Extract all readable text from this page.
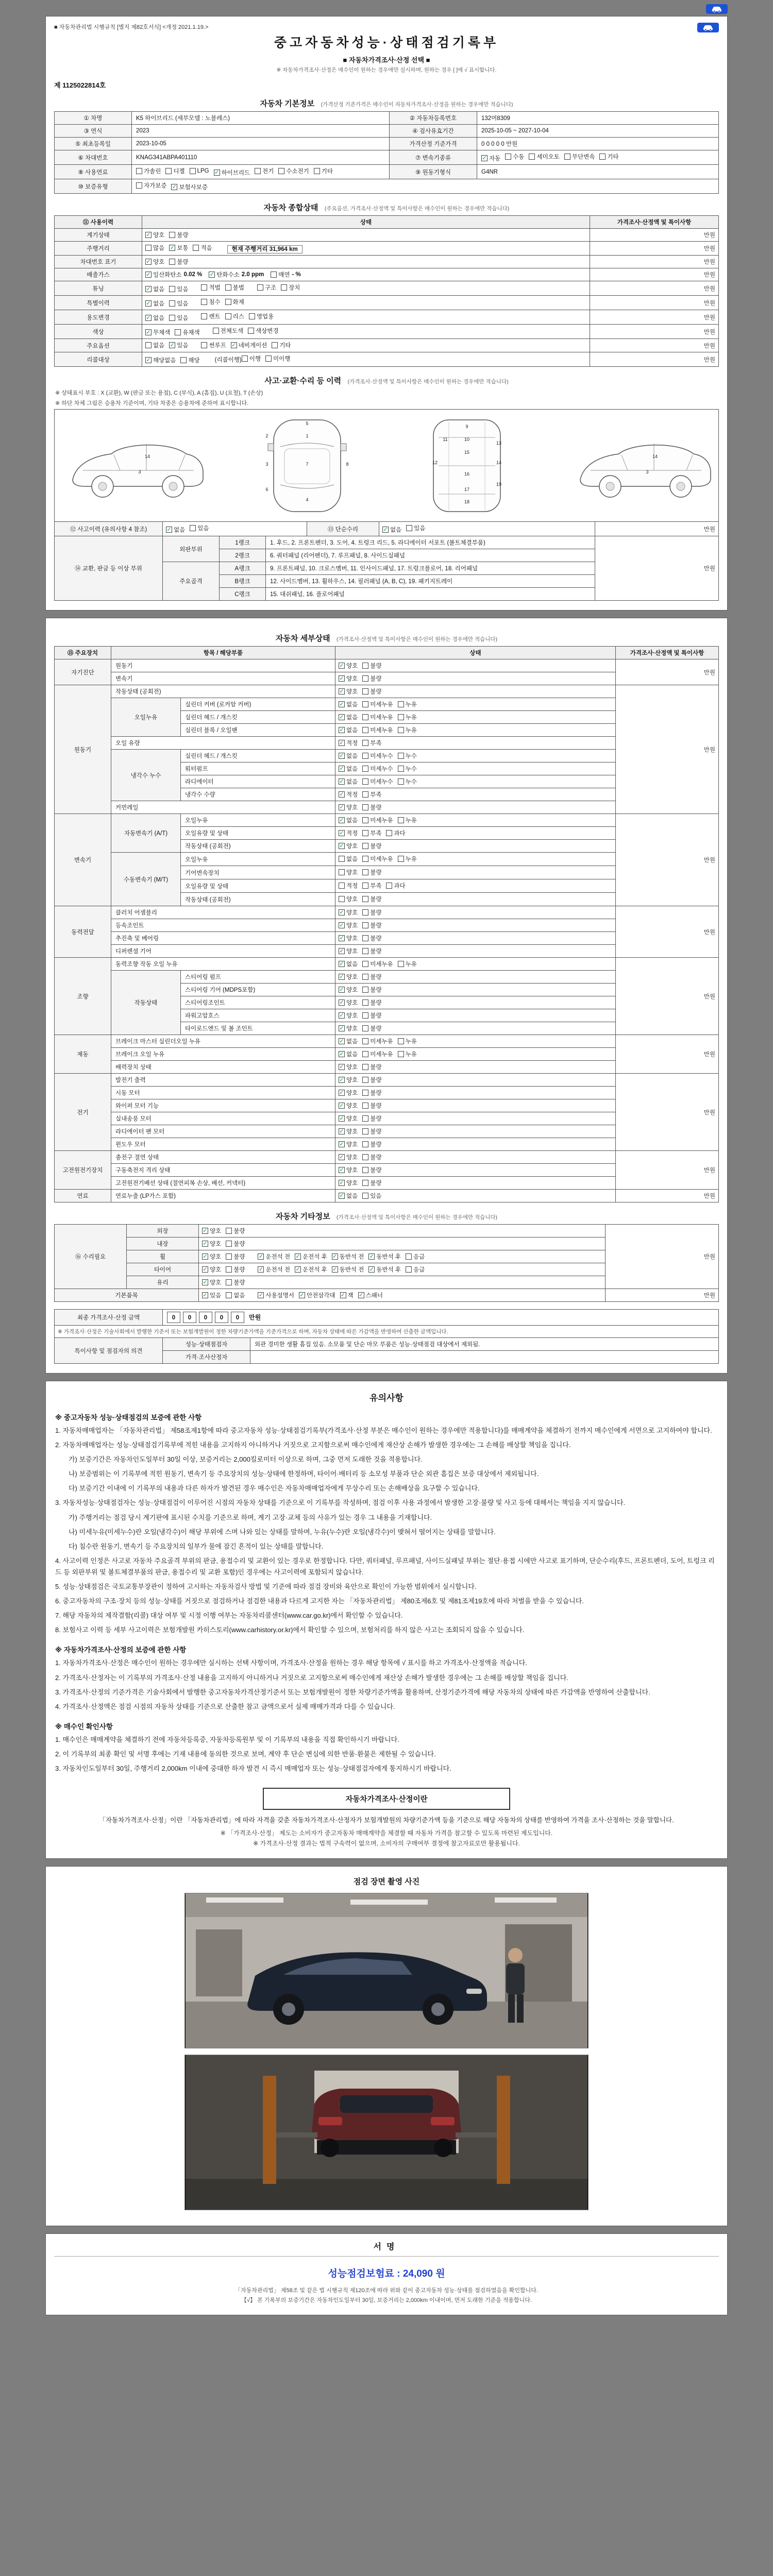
■ 자동차관리법 시행규칙 [별지 제82호서식] <개정 2021.1.19.>
중고자동차성능·상태점검기록부
■ 자동차가격조사·산정 선택 ■
※ 자동차가격조사·산정은 매수인이 원하는 경우에만 실시하며, 원하는 경우 [ ]에 √ 표시합니다.
제 1125022814호
자동차 기본정보 (가격산정 기준가격은 매수인이 자동차가격조사·산정을 원하는 경우에만 적습니다)
① 차명	K5 하이브리드 (세부모델 : 노블레스)	② 자동차등록번호	132머8309
③ 연식	2023	④ 검사유효기간	2025-10-05 ~ 2027-10-04
⑤ 최초등록일	2023-10-05	가격산정 기준가격	0 0 0 0 0 만원
⑥ 차대번호	KNAG341ABPA401110	⑦ 변속기종류	✓ 자동 수동 세미오토 무단변속 기타

⑧ 사용연료	가솔린 디젤 LPG ✓ 하이브리드 전기 수소전기 기타	⑨ 원동기형식	G4NR
⑩ 보증유형	자가보증 ✓ 보험사보증		
자동차 종합상태 (주요옵션, 가격조사·산정액 및 특이사항은 매수인이 원하는 경우에만 적습니다)
⑪ 사용이력	상태	가격조사·산정액 및 특이사항
계기상태	✓ 양호 불량	만원
주행거리	많음 ✓ 보통 적음 현재 주행거리 31,964 km	만원
차대번호 표기	✓ 양호 불량	만원
배출가스	✓ 일산화탄소 0.02 % ✓ 탄화수소 2.0 ppm 매연 - %	만원
튜닝	✓ 없음 있음	적법 불법	구조 장치	만원
특별이력	✓ 없음 있음 침수 화재	만원
용도변경	✓ 없음 있음	렌트 리스 영업용	만원
색상	✓ 무채색 유채색 전체도색 색상변경	만원
주요옵션	없음 ✓ 있음	썬루프 ✓ 네비게이션 기타	만원
리콜대상	✓ 해당없음 해당	(리콜이행) 이행 미이행	만원
사고·교환·수리 등 이력 (가격조사·산정액 및 특이사항은 매수인이 원하는 경우에만 적습니다)
※ 상태표시 부호 : X (교환), W (판금 또는 용접), C (부식), A (흠집), U (요철), T (손상)
※ 하단 차체 그림은 승용차 기준이며, 기타 차종은 승용차에 준하여 표시합니다.
1
5
7
4
2
3
6
8
9
10
11
12
13
14
15
16
17
18
19
3
14
3
14
⑫ 사고이력 (유의사항 4 참조)	✓ 없음 있음	⑬ 단순수리	✓ 없음 있음	만원
⑭ 교환, 판금 등 이상 부위	외판부위	1랭크	1. 후드, 2. 프론트펜더, 3. 도어, 4. 트렁크 리드, 5. 라디에이터 서포트 (볼트체결부품)	만원
		2랭크	6. 쿼터패널 (리어펜더), 7. 루프패널, 8. 사이드실패널	
	주요골격	A랭크	9. 프론트패널, 10. 크로스멤버, 11. 인사이드패널, 17. 트렁크플로어, 18. 리어패널	
		B랭크	12. 사이드멤버, 13. 휠하우스, 14. 필러패널 (A, B, C), 19. 패키지트레이	
		C랭크	15. 대쉬패널, 16. 플로어패널	
자동차 세부상태 (가격조사·산정액 및 특이사항은 매수인이 원하는 경우에만 적습니다)
⑮ 주요장치	항목 / 해당부품		상태	가격조사·산정액 및 특이사항
자기진단	원동기		✓ 양호 불량	만원
	변속기		✓ 양호 불량	

원동기	작동상태 (공회전)		✓ 양호 불량	만원
	오일누유	실린더 커버 (로커암 커버)	✓ 없음 미세누유 누유	

		실린더 헤드 / 개스킷	✓ 없음 미세누유 누유	

		실린더 블록 / 오일팬	✓ 없음 미세누유 누유	

	오일 유량		✓ 적정 부족	

	냉각수 누수	실린더 헤드 / 개스킷	✓ 없음 미세누수 누수	

		워터펌프	✓ 없음 미세누수 누수	

		라디에이터	✓ 없음 미세누수 누수	

		냉각수 수량	✓ 적정 부족	

	커먼레일		✓ 양호 불량	

변속기	자동변속기 (A/T)	오일누유	✓ 없음 미세누유 누유	만원
		오일유량 및 상태	✓ 적정 부족 과다	

		작동상태 (공회전)	✓ 양호 불량	

	수동변속기 (M/T)	오일누유	없음 미세누유 누유	

		기어변속장치	양호 불량	

		오일유량 및 상태	적정 부족 과다	

		작동상태 (공회전)	양호 불량	

동력전달	클러치 어셈블리		✓ 양호 불량	만원
	등속조인트		✓ 양호 불량	

	추진축 및 베어링		✓ 양호 불량	

	디퍼렌셜 기어		✓ 양호 불량	

조향	동력조향 작동 오일 누유		✓ 없음 미세누유 누유	만원
	작동상태	스티어링 펌프	✓ 양호 불량	

		스티어링 기어 (MDPS포함)	✓ 양호 불량	

		스티어링조인트	✓ 양호 불량	

		파워고압호스	✓ 양호 불량	

		타이로드엔드 및 볼 조인트	✓ 양호 불량	

제동	브레이크 마스터 실린더오일 누유		✓ 없음 미세누유 누유	만원
	브레이크 오일 누유		✓ 없음 미세누유 누유	

	배력장치 상태		✓ 양호 불량	

전기	발전기 출력		✓ 양호 불량	만원
	시동 모터		✓ 양호 불량	

	와이퍼 모터 기능		✓ 양호 불량	

	실내송풍 모터		✓ 양호 불량	

	라디에이터 팬 모터		✓ 양호 불량	

	윈도우 모터		✓ 양호 불량	

고전원전기장치	충전구 절연 상태		✓ 양호 불량	만원
	구동축전지 격리 상태		✓ 양호 불량	

	고전원전기배선 상태 (절연피복 손상, 배선, 커넥터)		✓ 양호 불량	

연료	연료누출 (LP가스 포함)		✓ 없음 있음	만원
자동차 기타정보 (가격조사·산정액 및 특이사항은 매수인이 원하는 경우에만 적습니다)
⑯ 수리필요	외장	✓ 양호 불량	만원
	내장	✓ 양호 불량	

휠	✓ 양호 불량 ✓ 운전석 전 ✓ 운전석 후 ✓ 동반석 전 ✓ 동반석 후 응급

타이어	✓ 양호 불량 ✓ 운전석 전 ✓ 운전석 후 ✓ 동반석 전 ✓ 동반석 후 응급

	유리	✓ 양호 불량	

기본품목	✓ 있음 없음 ✓ 사용설명서 ✓ 안전삼각대 ✓ 잭 ✓ 스패너	만원
최종 가격조사·산정 금액	0 0 0 0 0 만원	
※ 가격조사·산정은 기술사회에서 발행한 기준서 또는 보험개발원이 정한 차량기준가액을 기준가격으로 하며, 자동차 상태에 따른 가감액을 반영하여 산출한 금액입니다.		
특이사항 및 점검자의 의견	성능·상태점검자	외관 경미한 생활 흠집 있음. 소모품 및 단순 마모 부품은 성능·상태점검 대상에서 제외됨.
	가격·조사산정자	
유의사항
※ 중고자동차 성능·상태점검의 보증에 관한 사항
1. 자동차매매업자는 「자동차관리법」 제58조제1항에 따라 중고자동차 성능·상태점검기록부(가격조사·산정 부분은 매수인이 원하는 경우에만 적용합니다)를 매매계약을 체결하기 전까지 매수인에게 서면으로 고지하여야 합니다.
2. 자동차매매업자는 성능·상태점검기록부에 적힌 내용을 고지하지 아니하거나 거짓으로 고지함으로써 매수인에게 재산상 손해가 발생한 경우에는 그 손해를 배상할 책임을 집니다.
가) 보증기간은 자동차인도일부터 30일 이상, 보증거리는 2,000킬로미터 이상으로 하며, 그중 먼저 도래한 것을 적용합니다.
나) 보증범위는 이 기록부에 적힌 원동기, 변속기 등 주요장치의 성능·상태에 한정하며, 타이어·배터리 등 소모성 부품과 단순 외관 흠집은 보증 대상에서 제외됩니다.
다) 보증기간 이내에 이 기록부의 내용과 다른 하자가 발견된 경우 매수인은 자동차매매업자에게 무상수리 또는 손해배상을 요구할 수 있습니다.
3. 자동차성능·상태점검자는 성능·상태점검이 이루어진 시점의 자동차 상태를 기준으로 이 기록부를 작성하며, 점검 이후 사용 과정에서 발생한 고장·불량 및 사고 등에 대해서는 책임을 지지 않습니다.
가) 주행거리는 점검 당시 계기판에 표시된 수치를 기준으로 하며, 계기 고장·교체 등의 사유가 있는 경우 그 내용을 기재합니다.
나) 미세누유(미세누수)란 오일(냉각수)이 해당 부위에 스며 나와 있는 상태를 말하며, 누유(누수)란 오일(냉각수)이 맺혀서 떨어지는 상태를 말합니다.
다) 침수란 원동기, 변속기 등 주요장치의 일부가 물에 잠긴 흔적이 있는 상태를 말합니다.
4. 사고이력 인정은 사고로 자동차 주요골격 부위의 판금, 용접수리 및 교환이 있는 경우로 한정합니다. 다만, 쿼터패널, 루프패널, 사이드실패널 부위는 절단·용접 시에만 사고로 표기하며, 단순수리(후드, 프론트펜더, 도어, 트렁크 리드 등 외판부위 및 볼트체결부품의 판금, 용접수리 및 교환 포함)인 경우에는 사고이력에 포함되지 않습니다.
5. 성능·상태점검은 국토교통부장관이 정하여 고시하는 자동차검사 방법 및 기준에 따라 점검 장비와 육안으로 확인이 가능한 범위에서 실시합니다.
6. 중고자동차의 구조·장치 등의 성능·상태를 거짓으로 점검하거나 점검한 내용과 다르게 고지한 자는 「자동차관리법」 제80조제6호 및 제81조제19호에 따라 처벌을 받을 수 있습니다.
7. 해당 자동차의 제작결함(리콜) 대상 여부 및 시정 이행 여부는 자동차리콜센터(www.car.go.kr)에서 확인할 수 있습니다.
8. 보험사고 이력 등 세부 사고이력은 보험개발원 카히스토리(www.carhistory.or.kr)에서 확인할 수 있으며, 보험처리를 하지 않은 사고는 조회되지 않을 수 있습니다.
※ 자동차가격조사·산정의 보증에 관한 사항
1. 자동차가격조사·산정은 매수인이 원하는 경우에만 실시하는 선택 사항이며, 가격조사·산정을 원하는 경우 해당 항목에 √ 표시를 하고 가격조사·산정액을 적습니다.
2. 가격조사·산정자는 이 기록부의 가격조사·산정 내용을 고지하지 아니하거나 거짓으로 고지함으로써 매수인에게 재산상 손해가 발생한 경우에는 그 손해를 배상할 책임을 집니다.
3. 가격조사·산정의 기준가격은 기술사회에서 발행한 중고자동차가격산정기준서 또는 보험개발원이 정한 차량기준가액을 활용하며, 산정기준가격에 해당 자동차의 상태에 따른 가감액을 반영하여 산출합니다.
4. 가격조사·산정액은 점검 시점의 자동차 상태를 기준으로 산출한 참고 금액으로서 실제 매매가격과 다를 수 있습니다.
※ 매수인 확인사항
1. 매수인은 매매계약을 체결하기 전에 자동차등록증, 자동차등록원부 및 이 기록부의 내용을 직접 확인하시기 바랍니다.
2. 이 기록부의 최종 확인 및 서명 후에는 기재 내용에 동의한 것으로 보며, 계약 후 단순 변심에 의한 반품·환불은 제한될 수 있습니다.
3. 자동차인도일부터 30일, 주행거리 2,000km 이내에 중대한 하자 발견 시 즉시 매매업자 또는 성능·상태점검자에게 통지하시기 바랍니다.
자동차가격조사·산정이란
「자동차가격조사·산정」이란 「자동차관리법」에 따라 자격을 갖춘 자동차가격조사·산정자가 보험개발원의 차량기준가액 등을 기준으로 해당 자동차의 상태를 반영하여 가격을 조사·산정하는 것을 말합니다.
※ 「가격조사·산정」 제도는 소비자가 중고자동차 매매계약을 체결할 때 자동차 가격을 참고할 수 있도록 마련된 제도입니다.
※ 가격조사·산정 결과는 법적 구속력이 없으며, 소비자의 구매여부 결정에 참고자료로만 활용됩니다.
점검 장면 촬영 사진
서명
성능점검보험료 : 24,090 원
「자동차관리법」 제58조 및 같은 법 시행규칙 제120조에 따라 위와 같이 중고자동차 성능·상태를 점검하였음을 확인합니다.
【√】 본 기록부의 보증기간은 자동차인도일부터 30일, 보증거리는 2,000km 이내이며, 먼저 도래한 기준을 적용합니다.
